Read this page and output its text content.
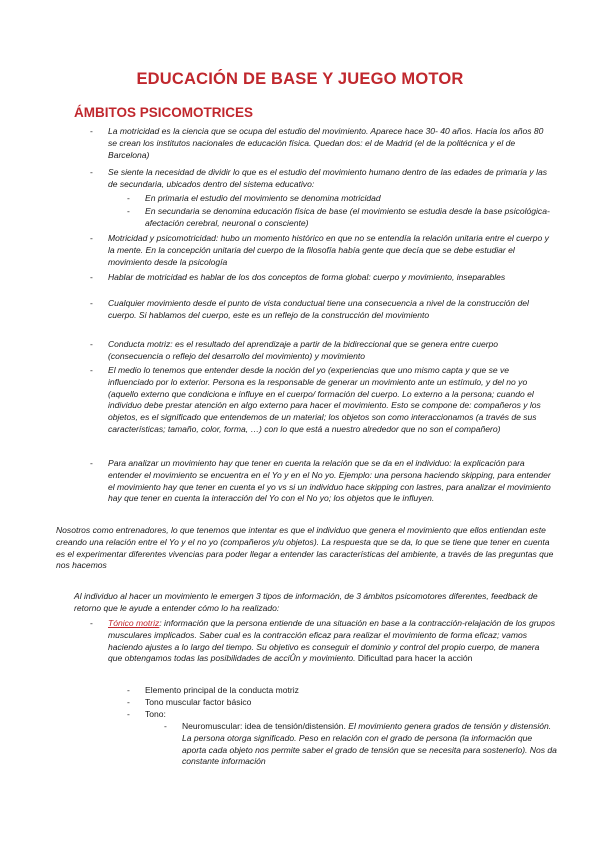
EDUCACIÓN DE BASE Y JUEGO MOTOR
ÁMBITOS PSICOMOTRICES
- La motricidad es la ciencia que se ocupa del estudio del movimiento. Aparece hace 30- 40 años. Hacia los años 80 se crean los institutos nacionales de educación física. Quedan dos: el de Madrid (el de la politécnica y el de Barcelona)
- Se siente la necesidad de dividir lo que es el estudio del movimiento humano dentro de las edades de primaria y las de secundaria, ubicados dentro del sistema educativo:
- En primaria el estudio del movimiento se denomina motricidad
- En secundaria se denomina educación física de base (el movimiento se estudia desde la base psicológica-afectación cerebral, neuronal o consciente)
- Motricidad y psicomotricidad: hubo un momento histórico en que no se entendía la relación unitaria entre el cuerpo y la mente. En la concepción unitaria del cuerpo de la filosofía había gente que decía que se debe estudiar el movimiento desde la psicología
- Hablar de motricidad es hablar de los dos conceptos de forma global: cuerpo y movimiento, inseparables
- Cualquier movimiento desde el punto de vista conductual tiene una consecuencia a nivel de la construcción del cuerpo. Si hablamos del cuerpo, este es un reflejo de la construcción del movimiento
- Conducta motriz: es el resultado del aprendizaje a partir de la bidireccional que se genera entre cuerpo (consecuencia o reflejo del desarrollo del movimiento) y movimiento
- El medio lo tenemos que entender desde la noción del yo (experiencias que uno mismo capta y que se ve influenciado por lo exterior. Persona es la responsable de generar un movimiento ante un estímulo, y del no yo (aquello externo que condiciona e influye en el cuerpo/ formación del cuerpo. Lo externo a la persona; cuando el individuo debe prestar atención en algo externo para hacer el movimiento. Esto se compone de: compañeros y los objetos, es el significado que entendemos de un material; los objetos son como interaccionamos (a través de sus características; tamaño, color, forma, …) con lo que está a nuestro alrededor que no son el compañero)
- Para analizar un movimiento hay que tener en cuenta la relación que se da en el individuo: la explicación para entender el movimiento se encuentra en el Yo y en el No yo. Ejemplo: una persona haciendo skipping, para entender el movimiento hay que tener en cuenta el yo vs si un individuo hace skipping con lastres, para analizar el movimiento hay que tener en cuenta la interacción del Yo con el No yo; los objetos que le influyen.

Nosotros como entrenadores, lo que tenemos que intentar es que el individuo que genera el movimiento que ellos entiendan este creando una relación entre el Yo y el no yo (compañeros y/u objetos). La respuesta que se da, lo que se tiene que tener en cuenta es el experimentar diferentes vivencias para poder llegar a entender las características del ambiente, a través de las preguntas que nos hacemos

Al individuo al hacer un movimiento le emergen 3 tipos de información, de 3 ámbitos psicomotores diferentes, feedback de retorno que le ayude a entender cómo lo ha realizado:

- Tónico motriz: información que la persona entiende de una situación en base a la contracción-relajación de los grupos musculares implicados. Saber cual es la contracción eficaz para realizar el movimiento de forma eficaz; vamos haciendo ajustes a lo largo del tiempo. Su objetivo es conseguir el dominio y control del propio cuerpo, de manera que obtengamos todas las posibilidades de acciÛn y movimiento. Dificultad para hacer la acción
- Elemento principal de la conducta motriz
- Tono muscular factor básico
- Tono:
- Neuromuscular: idea de tensión/distensión. El movimiento genera grados de tensión y distensión. La persona otorga significado. Peso en relación con el grado de persona (la información que aporta cada objeto nos permite saber el grado de tensión que se necesita para sostenerlo). Nos da constante información
